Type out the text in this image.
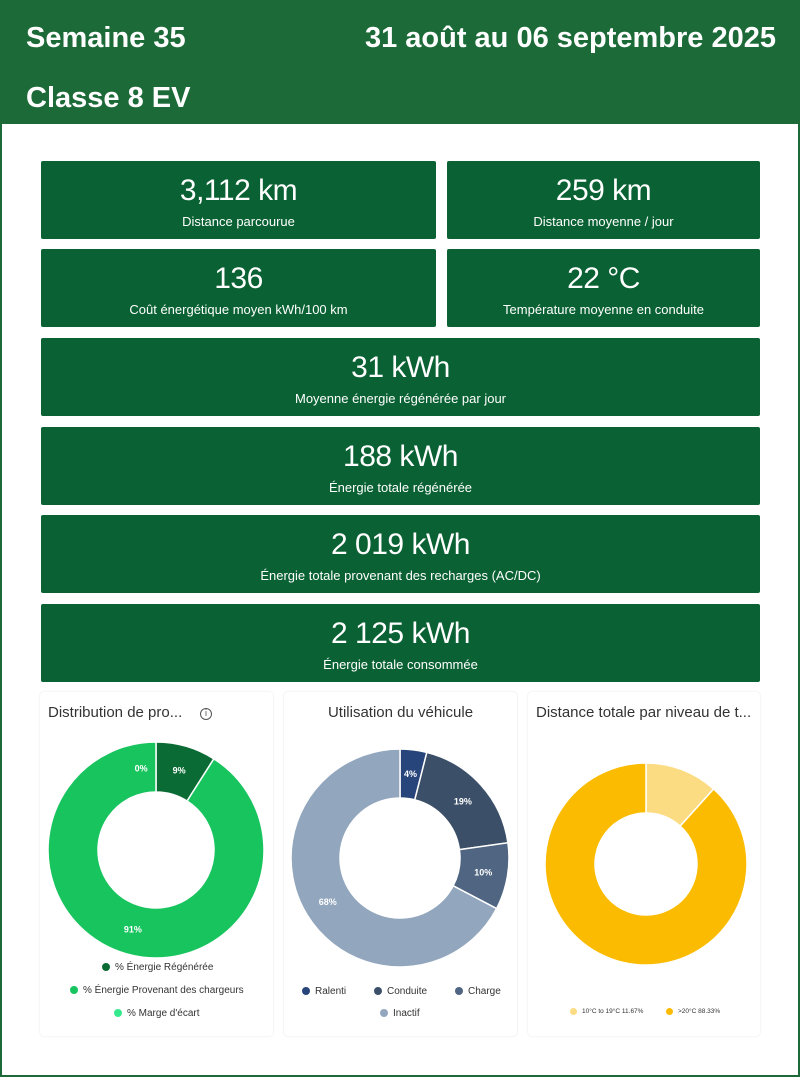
Semaine 35	31 août au 06 septembre 2025
Classe 8 EV
3,112 km
Distance parcourue
259 km
Distance moyenne / jour
136
Coût énergétique moyen kWh/100 km
22 °C
Température moyenne en conduite
31 kWh
Moyenne énergie régénérée par jour
188 kWh
Énergie totale régénérée
2 019 kWh
Énergie totale provenant des recharges (AC/DC)
2 125 kWh
Énergie totale consommée
Distribution de pro...	i
9%
91%
0%
% Énergie Régénérée
% Énergie Provenant des chargeurs
% Marge d'écart
Utilisation du véhicule
4%
19%
10%
68%
Ralenti	Conduite	Charge
Inactif
Distance totale par niveau de t...
10°C to 19°C 11.67%	>20°C 88.33%
